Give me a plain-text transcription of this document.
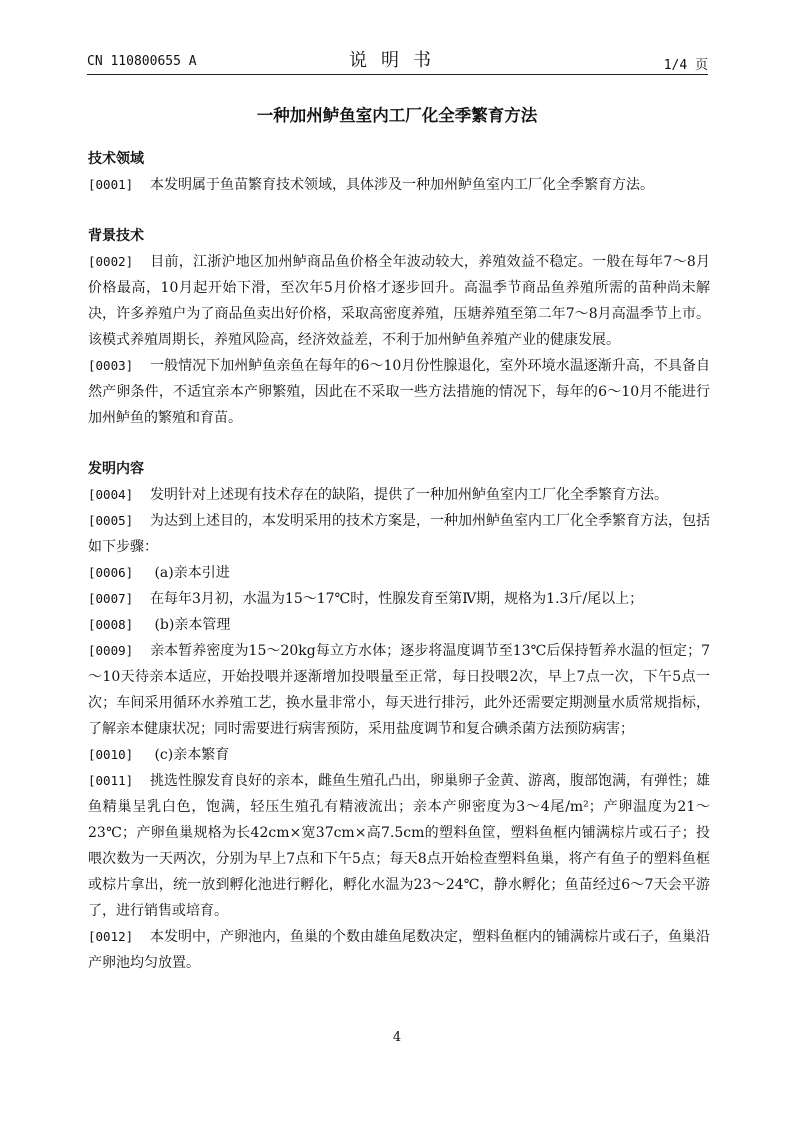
CN 110800655 A	说明书	1/4 页
一种加州鲈鱼室内工厂化全季繁育方法
技术领域
[0001] 本发明属于鱼苗繁育技术领域，具体涉及一种加州鲈鱼室内工厂化全季繁育方法。
背景技术
[0002] 目前，江浙沪地区加州鲈商品鱼价格全年波动较大，养殖效益不稳定。一般在每年7～8月价格最高，10月起开始下滑，至次年5月价格才逐步回升。高温季节商品鱼养殖所需的苗种尚未解决，许多养殖户为了商品鱼卖出好价格，采取高密度养殖，压塘养殖至第二年7～8月高温季节上市。该模式养殖周期长，养殖风险高，经济效益差，不利于加州鲈鱼养殖产业的健康发展。
[0003] 一般情况下加州鲈鱼亲鱼在每年的6～10月份性腺退化，室外环境水温逐渐升高，不具备自然产卵条件，不适宜亲本产卵繁殖，因此在不采取一些方法措施的情况下，每年的6～10月不能进行加州鲈鱼的繁殖和育苗。
发明内容
[0004] 发明针对上述现有技术存在的缺陷，提供了一种加州鲈鱼室内工厂化全季繁育方法。
[0005] 为达到上述目的，本发明采用的技术方案是，一种加州鲈鱼室内工厂化全季繁育方法，包括如下步骤：
[0006] (a)亲本引进
[0007] 在每年3月初，水温为15～17℃时，性腺发育至第Ⅳ期，规格为1.3斤/尾以上；
[0008] (b)亲本管理
[0009] 亲本暂养密度为15～20kg每立方水体；逐步将温度调节至13℃后保持暂养水温的恒定；7～10天待亲本适应，开始投喂并逐渐增加投喂量至正常，每日投喂2次，早上7点一次，下午5点一次；车间采用循环水养殖工艺，换水量非常小，每天进行排污，此外还需要定期测量水质常规指标，了解亲本健康状况；同时需要进行病害预防，采用盐度调节和复合碘杀菌方法预防病害；
[0010] (c)亲本繁育
[0011] 挑选性腺发育良好的亲本，雌鱼生殖孔凸出，卵巢卵子金黄、游离，腹部饱满，有弹性；雄鱼精巢呈乳白色，饱满，轻压生殖孔有精液流出；亲本产卵密度为3～4尾/m²；产卵温度为21～23℃；产卵鱼巢规格为长42cm×宽37cm×高7.5cm的塑料鱼筐，塑料鱼框内铺满棕片或石子；投喂次数为一天两次，分别为早上7点和下午5点；每天8点开始检查塑料鱼巢，将产有鱼子的塑料鱼框或棕片拿出，统一放到孵化池进行孵化，孵化水温为23～24℃，静水孵化；鱼苗经过6～7天会平游了，进行销售或培育。
[0012] 本发明中，产卵池内，鱼巢的个数由雄鱼尾数决定，塑料鱼框内的铺满棕片或石子，鱼巢沿产卵池均匀放置。
4
